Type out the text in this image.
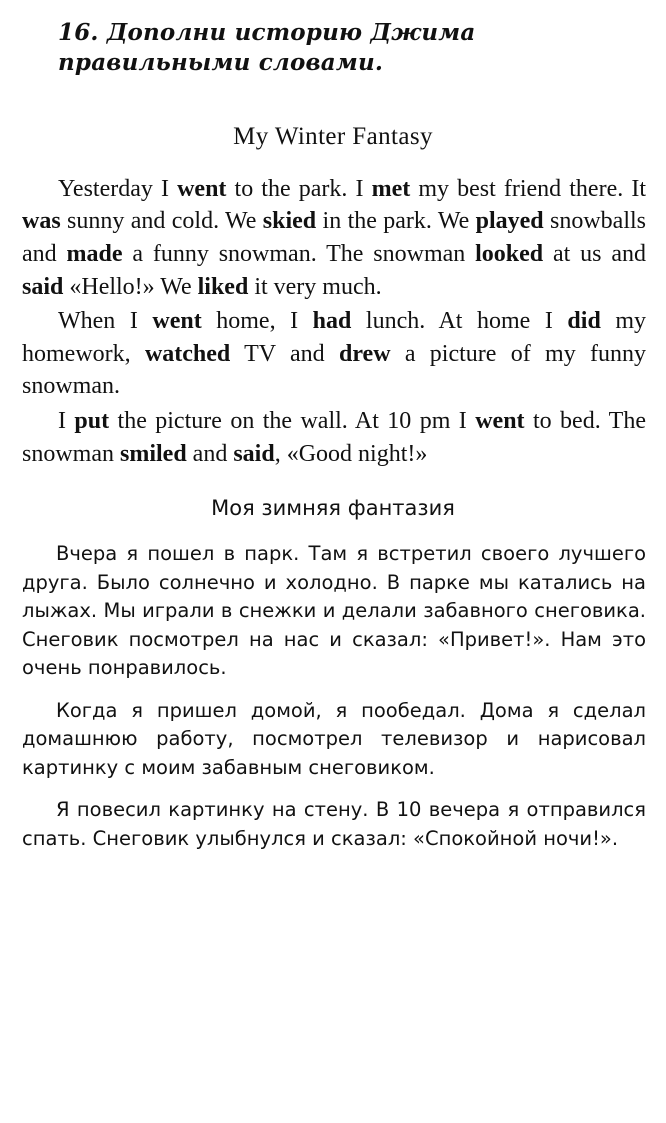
16. Дополни историю Джима правильными словами.
My Winter Fantasy

Yesterday I went to the park. I met my best friend there. It was sunny and cold. We skied in the park. We played snowballs and made a funny snowman. The snowman looked at us and said «Hello!» We liked it very much.

When I went home, I had lunch. At home I did my homework, watched TV and drew a picture of my funny snowman.

I put the picture on the wall. At 10 pm I went to bed. The snowman smiled and said, «Good night!»

Моя зимняя фантазия

Вчера я пошел в парк. Там я встретил своего лучшего друга. Было солнечно и холодно. В парке мы катались на лыжах. Мы играли в снежки и делали забавного снеговика. Снеговик посмотрел на нас и сказал: «Привет!». Нам это очень понравилось.

Когда я пришел домой, я пообедал. Дома я сделал домашнюю работу, посмотрел телевизор и нарисовал картинку с моим забавным снеговиком.

Я повесил картинку на стену. В 10 вечера я отправился спать. Снеговик улыбнулся и сказал: «Спокойной ночи!».
